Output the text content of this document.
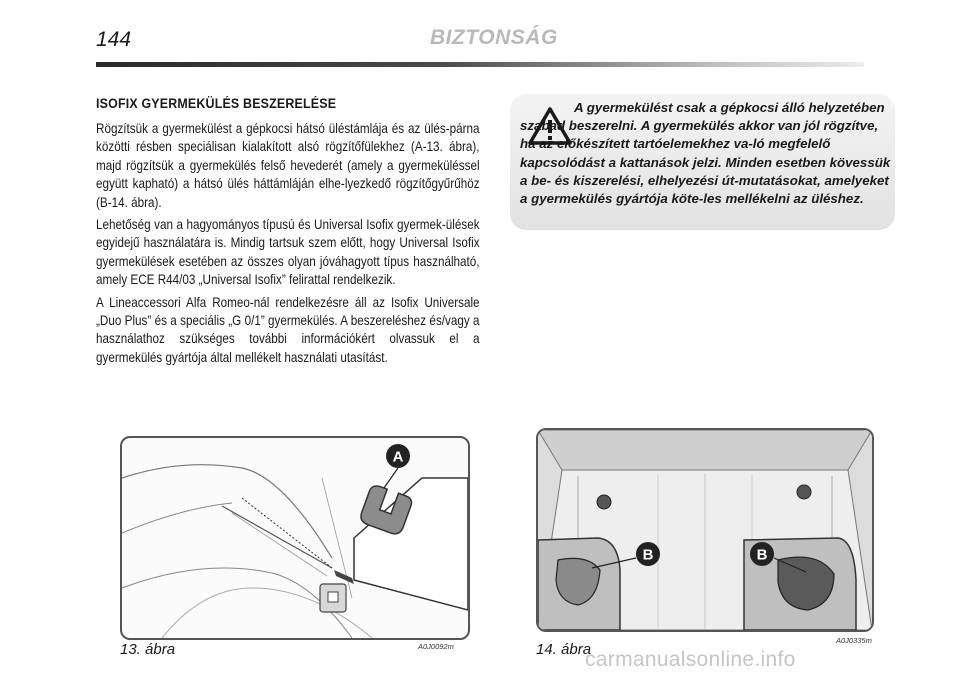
144	BIZTONSÁG
ISOFIX GYERMEKÜLÉS BESZERELÉSE

Rögzítsük a gyermekülést a gépkocsi hátsó üléstámlája és az ülés-párna közötti résben speciálisan kialakított alsó rögzítőfülekhez (A-13. ábra), majd rögzítsük a gyermekülés felső hevederét (amely a gyermeküléssel együtt kapható) a hátsó ülés háttámláján elhe-lyezkedő rögzítőgyűrűhöz (B-14. ábra).

Lehetőség van a hagyományos típusú és Universal Isofix gyermek-ülések egyidejű használatára is. Mindig tartsuk szem előtt, hogy Universal Isofix gyermekülések esetében az összes olyan jóváhagyott típus használható, amely ECE R44/03 „Universal Isofix” felirattal rendelkezik.

A Lineaccessori Alfa Romeo-nál rendelkezésre áll az Isofix Universale „Duo Plus” és a speciális „G 0/1” gyermekülés. A beszereléshez és/vagy a használathoz szükséges további információkért olvassuk el a gyermekülés gyártója által mellékelt használati utasítást.

A gyermekülést csak a gépkocsi álló helyzetében szabad beszerelni. A gyermekülés akkor van jól rögzítve, ha az előkészített tartóelemekhez va-ló megfelelő kapcsolódást a kattanások jelzi. Minden esetben kövessük a be- és kiszerelési, elhelyezési út-mutatásokat, amelyeket a gyermekülés gyártója köte-les mellékelni az üléshez.
A
13. ábra	A0J0092m
B	B
14. ábra
A0J0335m
carmanualsonline.info
